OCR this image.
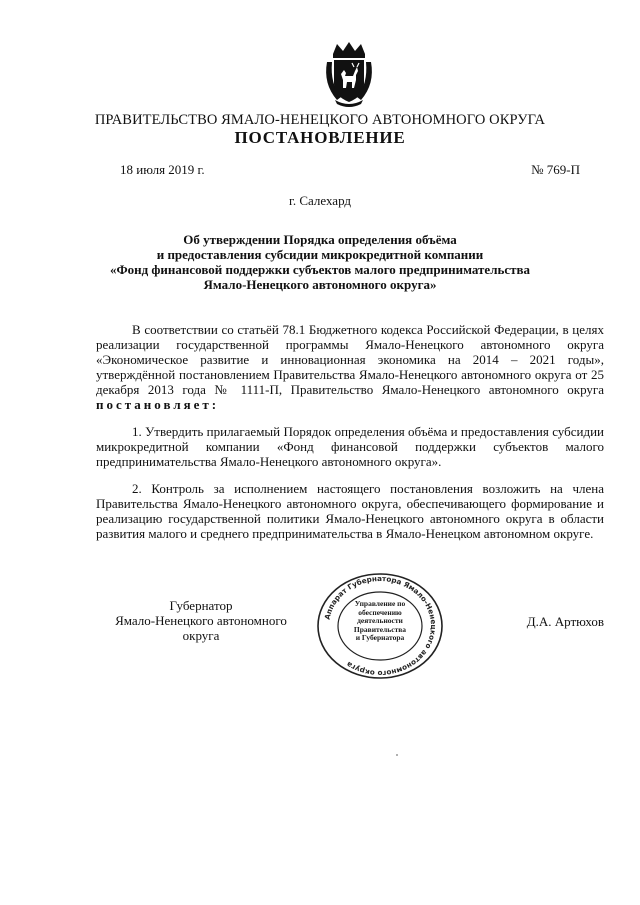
ПРАВИТЕЛЬСТВО ЯМАЛО-НЕНЕЦКОГО АВТОНОМНОГО ОКРУГА
ПОСТАНОВЛЕНИЕ
18 июля 2019 г.	№ 769-П
г. Салехард
Об утверждении Порядка определения объёма
и предоставления субсидии микрокредитной компании
«Фонд финансовой поддержки субъектов малого предпринимательства
Ямало-Ненецкого автономного округа»
В соответствии со статьёй 78.1 Бюджетного кодекса Российской Федерации, в целях реализации государственной программы Ямало-Ненецкого автономного округа «Экономическое развитие и инновационная экономика на 2014 – 2021 годы», утверждённой постановлением Правительства Ямало-Ненецкого автономного округа от 25 декабря 2013 года № 1111-П, Правительство Ямало-Ненецкого автономного округа постановляет:
1. Утвердить прилагаемый Порядок определения объёма и предоставления субсидии микрокредитной компании «Фонд финансовой поддержки субъектов малого предпринимательства Ямало-Ненецкого автономного округа».
2. Контроль за исполнением настоящего постановления возложить на члена Правительства Ямало-Ненецкого автономного округа, обеспечивающего формирование и реализацию государственной политики Ямало-Ненецкого автономного округа в области развития малого и среднего предпринимательства в Ямало-Ненецком автономном округе.
Губернатор
Ямало-Ненецкого автономного округа
Аппарат Губернатора Ямало-Ненецкого автономного округа
Управление по
обеспечению
деятельности
Правительства
и Губернатора
Д.А. Артюхов
